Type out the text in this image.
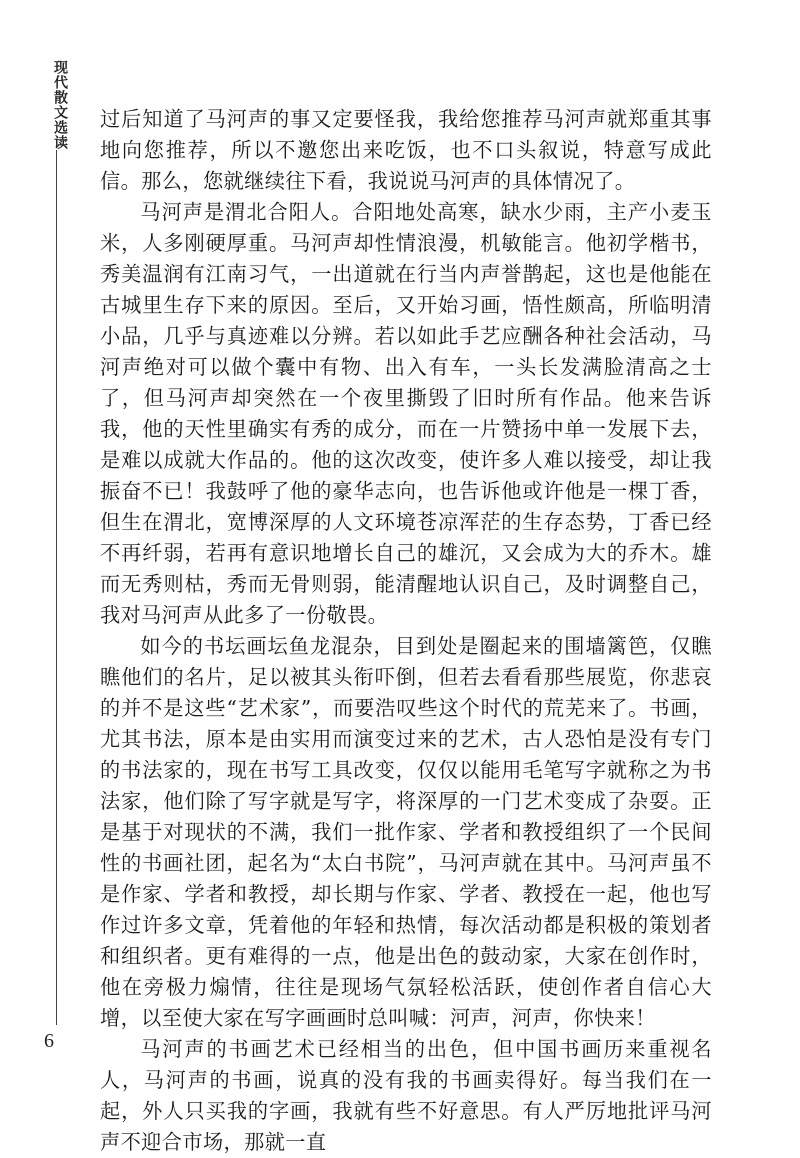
现代散文选读 过后知道了马河声的事又定要怪我，我给您推荐马河声就郑重其事地向您推荐，所以不邀您出来吃饭，也不口头叙说，特意写成此信。那么，您就继续往下看，我说说马河声的具体情况了。

马河声是渭北合阳人。合阳地处高寒，缺水少雨，主产小麦玉米，人多刚硬厚重。马河声却性情浪漫，机敏能言。他初学楷书，秀美温润有江南习气，一出道就在行当内声誉鹊起，这也是他能在古城里生存下来的原因。至后，又开始习画，悟性颇高，所临明清小品，几乎与真迹难以分辨。若以如此手艺应酬各种社会活动，马河声绝对可以做个囊中有物、出入有车，一头长发满脸清高之士了，但马河声却突然在一个夜里撕毁了旧时所有作品。他来告诉我，他的天性里确实有秀的成分，而在一片赞扬中单一发展下去，是难以成就大作品的。他的这次改变，使许多人难以接受，却让我振奋不已！我鼓呼了他的豪华志向，也告诉他或许他是一棵丁香，但生在渭北，宽博深厚的人文环境苍凉浑茫的生存态势，丁香已经不再纤弱，若再有意识地增长自己的雄沉，又会成为大的乔木。雄而无秀则枯，秀而无骨则弱，能清醒地认识自己，及时调整自己，我对马河声从此多了一份敬畏。

如今的书坛画坛鱼龙混杂，目到处是圈起来的围墙篱笆，仅瞧瞧他们的名片，足以被其头衔吓倒，但若去看看那些展览，你悲哀的并不是这些“艺术家”，而要浩叹些这个时代的荒芜来了。书画，尤其书法，原本是由实用而演变过来的艺术，古人恐怕是没有专门的书法家的，现在书写工具改变，仅仅以能用毛笔写字就称之为书法家，他们除了写字就是写字，将深厚的一门艺术变成了杂耍。正是基于对现状的不满，我们一批作家、学者和教授组织了一个民间性的书画社团，起名为“太白书院”，马河声就在其中。马河声虽不是作家、学者和教授，却长期与作家、学者、教授在一起，他也写作过许多文章，凭着他的年轻和热情，每次活动都是积极的策划者和组织者。更有难得的一点，他是出色的鼓动家，大家在创作时，他在旁极力煽情，往往是现场气氛轻松活跃，使创作者自信心大增，以至使大家在写字画画时总叫喊：河声，河声，你快来！

马河声的书画艺术已经相当的出色，但中国书画历来重视名人，马河声的书画，说真的没有我的书画卖得好。每当我们在一起，外人只买我的字画，我就有些不好意思。有人严厉地批评马河声不迎合市场，那就一直

6
